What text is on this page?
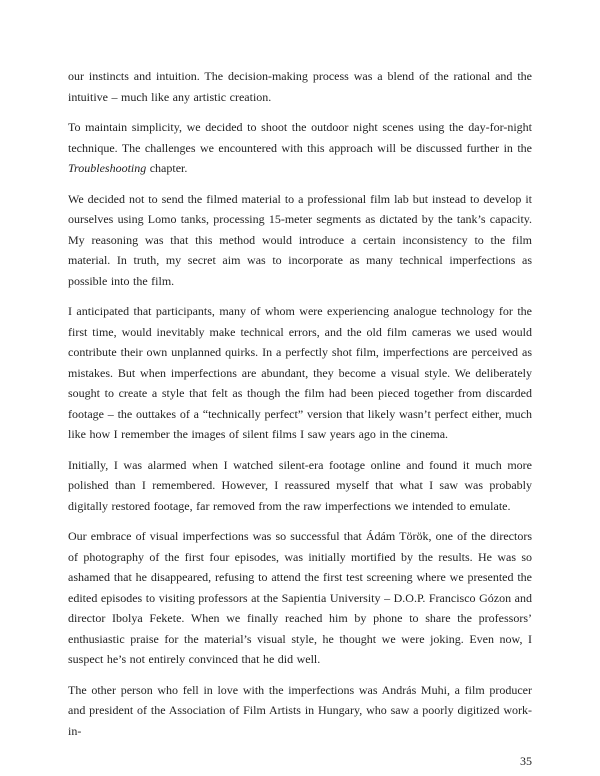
our instincts and intuition. The decision-making process was a blend of the rational and the intuitive – much like any artistic creation.

To maintain simplicity, we decided to shoot the outdoor night scenes using the day-for-night technique. The challenges we encountered with this approach will be discussed further in the Troubleshooting chapter.

We decided not to send the filmed material to a professional film lab but instead to develop it ourselves using Lomo tanks, processing 15-meter segments as dictated by the tank’s capacity. My reasoning was that this method would introduce a certain inconsistency to the film material. In truth, my secret aim was to incorporate as many technical imperfections as possible into the film.

I anticipated that participants, many of whom were experiencing analogue technology for the first time, would inevitably make technical errors, and the old film cameras we used would contribute their own unplanned quirks. In a perfectly shot film, imperfections are perceived as mistakes. But when imperfections are abundant, they become a visual style. We deliberately sought to create a style that felt as though the film had been pieced together from discarded footage – the outtakes of a “technically perfect” version that likely wasn’t perfect either, much like how I remember the images of silent films I saw years ago in the cinema.

Initially, I was alarmed when I watched silent-era footage online and found it much more polished than I remembered. However, I reassured myself that what I saw was probably digitally restored footage, far removed from the raw imperfections we intended to emulate.

Our embrace of visual imperfections was so successful that Ádám Török, one of the directors of photography of the first four episodes, was initially mortified by the results. He was so ashamed that he disappeared, refusing to attend the first test screening where we presented the edited episodes to visiting professors at the Sapientia University – D.O.P. Francisco Gózon and director Ibolya Fekete. When we finally reached him by phone to share the professors’ enthusiastic praise for the material’s visual style, he thought we were joking. Even now, I suspect he’s not entirely convinced that he did well.

The other person who fell in love with the imperfections was András Muhi, a film producer and president of the Association of Film Artists in Hungary, who saw a poorly digitized work-in-

35
